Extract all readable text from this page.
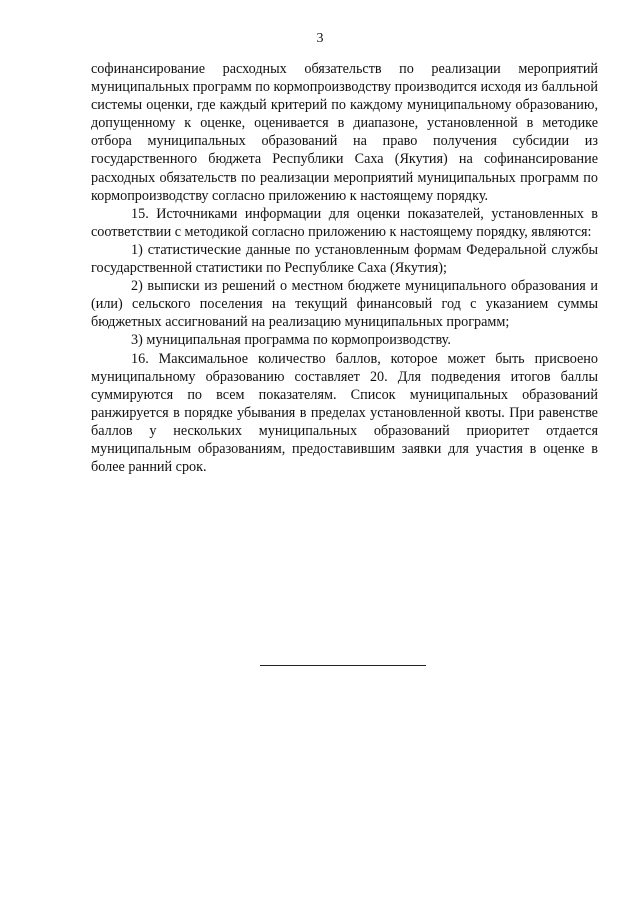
3

софинансирование расходных обязательств по реализации мероприятий муниципальных программ по кормопроизводству производится исходя из балльной системы оценки, где каждый критерий по каждому муниципальному образованию, допущенному к оценке, оценивается в диапазоне, установленной в методике отбора муниципальных образований на право получения субсидии из государственного бюджета Республики Саха (Якутия) на софинансирование расходных обязательств по реализации мероприятий муниципальных программ по кормопроизводству согласно приложению к настоящему порядку.

15. Источниками информации для оценки показателей, установленных в соответствии с методикой согласно приложению к настоящему порядку, являются:

1) статистические данные по установленным формам Федеральной службы государственной статистики по Республике Саха (Якутия);

2) выписки из решений о местном бюджете муниципального образования и (или) сельского поселения на текущий финансовый год с указанием суммы бюджетных ассигнований на реализацию муниципальных программ;

3) муниципальная программа по кормопроизводству.

16. Максимальное количество баллов, которое может быть присвоено муниципальному образованию составляет 20. Для подведения итогов баллы суммируются по всем показателям. Список муниципальных образований ранжируется в порядке убывания в пределах установленной квоты. При равенстве баллов у нескольких муниципальных образований приоритет отдается муниципальным образованиям, предоставившим заявки для участия в оценке в более ранний срок.
